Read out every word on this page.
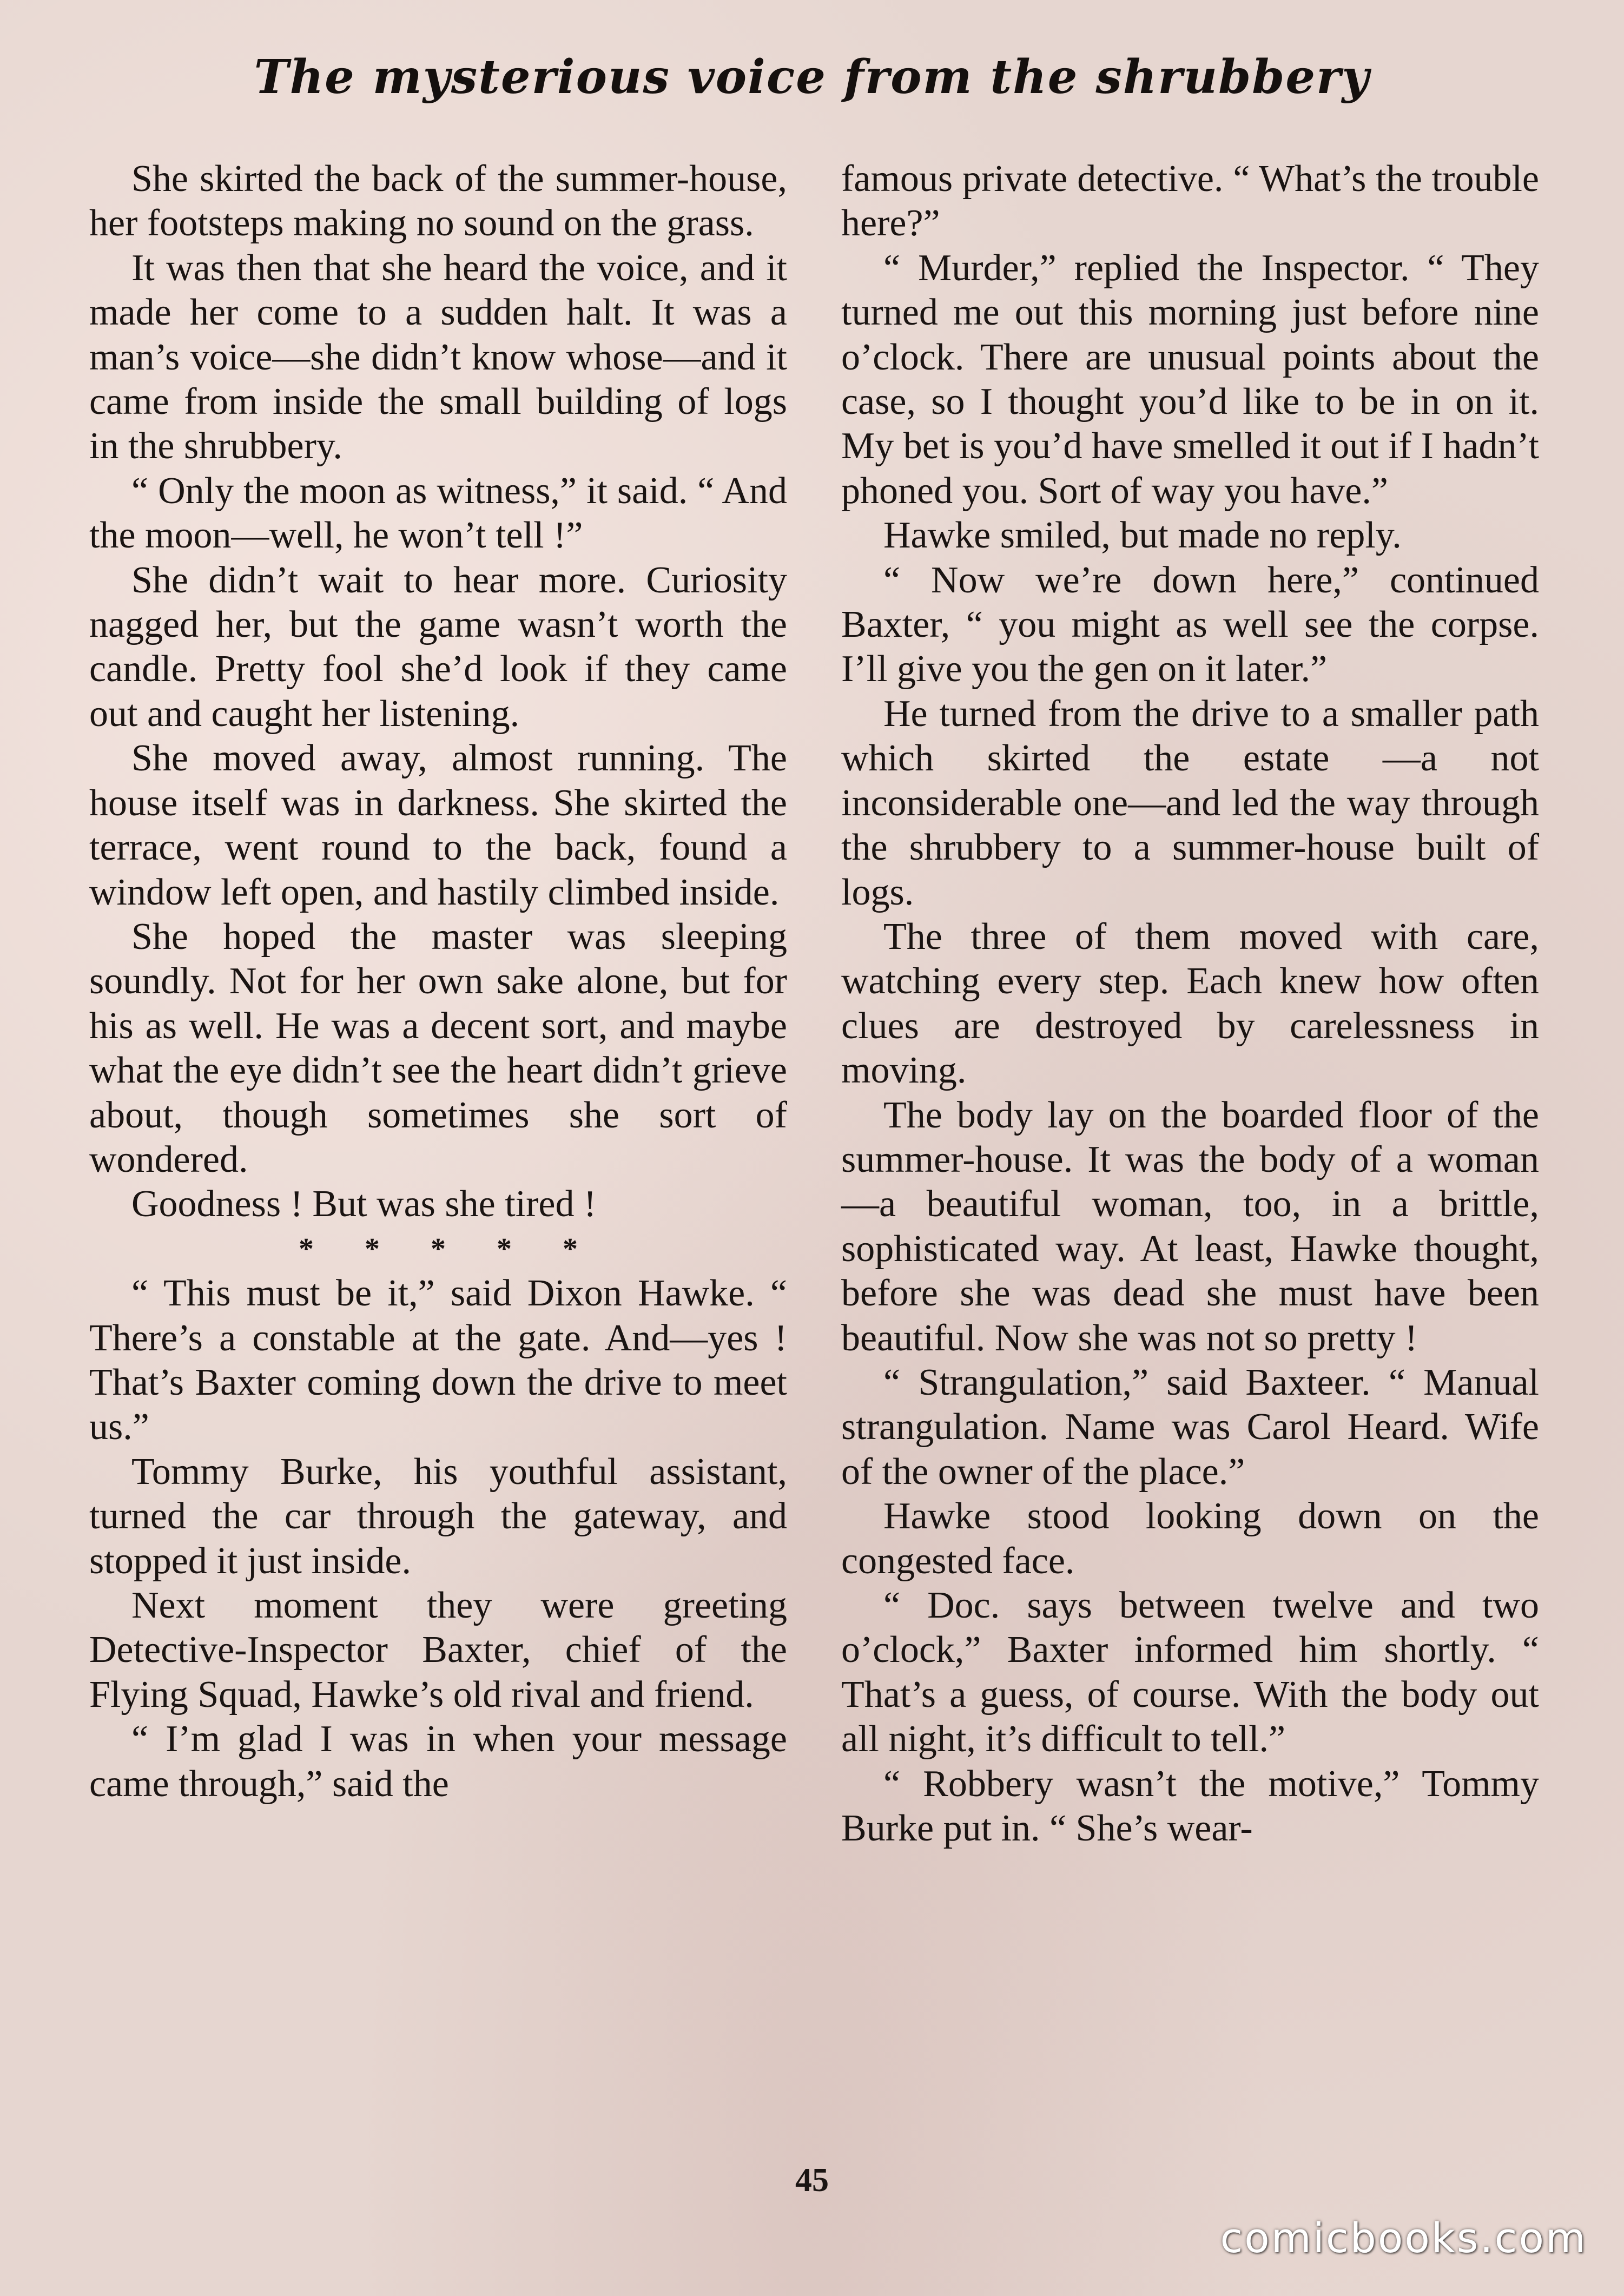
The mysterious voice from the shrubbery

She skirted the back of the summer-house, her footsteps making no sound on the grass.

It was then that she heard the voice, and it made her come to a sudden halt. It was a man’s voice—she didn’t know whose—and it came from inside the small building of logs in the shrubbery.

“ Only the moon as witness,” it said. “ And the moon—well, he won’t tell !”

She didn’t wait to hear more. Curiosity nagged her, but the game wasn’t worth the candle. Pretty fool she’d look if they came out and caught her listening.

She moved away, almost running. The house itself was in darkness. She skirted the terrace, went round to the back, found a window left open, and hastily climbed inside.

She hoped the master was sleeping soundly. Not for her own sake alone, but for his as well. He was a decent sort, and maybe what the eye didn’t see the heart didn’t grieve about, though sometimes she sort of wondered.

Goodness ! But was she tired !

* * * * *

“ This must be it,” said Dixon Hawke. “ There’s a constable at the gate. And—yes ! That’s Baxter coming down the drive to meet us.”

Tommy Burke, his youthful assistant, turned the car through the gateway, and stopped it just inside.

Next moment they were greeting Detective-Inspector Baxter, chief of the Flying Squad, Hawke’s old rival and friend.

“ I’m glad I was in when your message came through,” said the

famous private detective. “ What’s the trouble here?”

“ Murder,” replied the Inspector. “ They turned me out this morning just before nine o’clock. There are unusual points about the case, so I thought you’d like to be in on it. My bet is you’d have smelled it out if I hadn’t phoned you. Sort of way you have.”

Hawke smiled, but made no reply.

“ Now we’re down here,” continued Baxter, “ you might as well see the corpse. I’ll give you the gen on it later.”

He turned from the drive to a smaller path which skirted the estate —a not inconsiderable one—and led the way through the shrubbery to a summer-house built of logs.

The three of them moved with care, watching every step. Each knew how often clues are destroyed by carelessness in moving.

The body lay on the boarded floor of the summer-house. It was the body of a woman—a beautiful woman, too, in a brittle, sophisticated way. At least, Hawke thought, before she was dead she must have been beautiful. Now she was not so pretty !

“ Strangulation,” said Baxteer. “ Manual strangulation. Name was Carol Heard. Wife of the owner of the place.”

Hawke stood looking down on the congested face.

“ Doc. says between twelve and two o’clock,” Baxter informed him shortly. “ That’s a guess, of course. With the body out all night, it’s difficult to tell.”

“ Robbery wasn’t the motive,” Tommy Burke put in. “ She’s wear-

45
comicbooks.com
